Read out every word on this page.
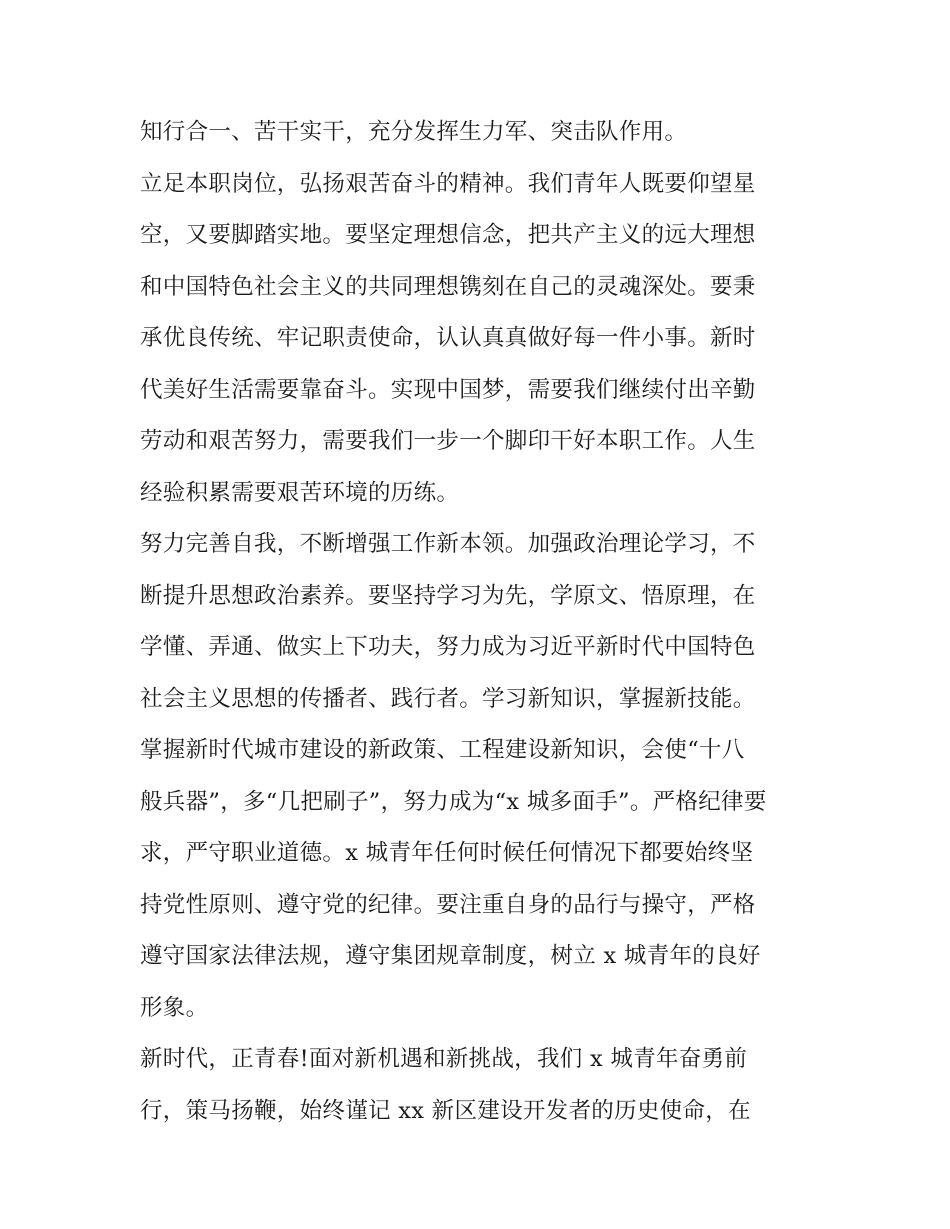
知行合一、苦干实干，充分发挥生力军、突击队作用。
立足本职岗位，弘扬艰苦奋斗的精神。我们青年人既要仰望星
空，又要脚踏实地。要坚定理想信念，把共产主义的远大理想
和中国特色社会主义的共同理想镌刻在自己的灵魂深处。要秉
承优良传统、牢记职责使命，认认真真做好每一件小事。新时
代美好生活需要靠奋斗。实现中国梦，需要我们继续付出辛勤
劳动和艰苦努力，需要我们一步一个脚印干好本职工作。人生
经验积累需要艰苦环境的历练。
努力完善自我，不断增强工作新本领。加强政治理论学习，不
断提升思想政治素养。要坚持学习为先，学原文、悟原理，在
学懂、弄通、做实上下功夫，努力成为习近平新时代中国特色
社会主义思想的传播者、践行者。学习新知识，掌握新技能。
掌握新时代城市建设的新政策、工程建设新知识，会使“十八
般兵器”，多“几把刷子”，努力成为“x 城多面手”。严格纪律要
求，严守职业道德。x 城青年任何时候任何情况下都要始终坚
持党性原则、遵守党的纪律。要注重自身的品行与操守，严格
遵守国家法律法规，遵守集团规章制度，树立 x 城青年的良好
形象。
新时代，正青春!面对新机遇和新挑战，我们 x 城青年奋勇前
行，策马扬鞭，始终谨记 xx 新区建设开发者的历史使命，在
